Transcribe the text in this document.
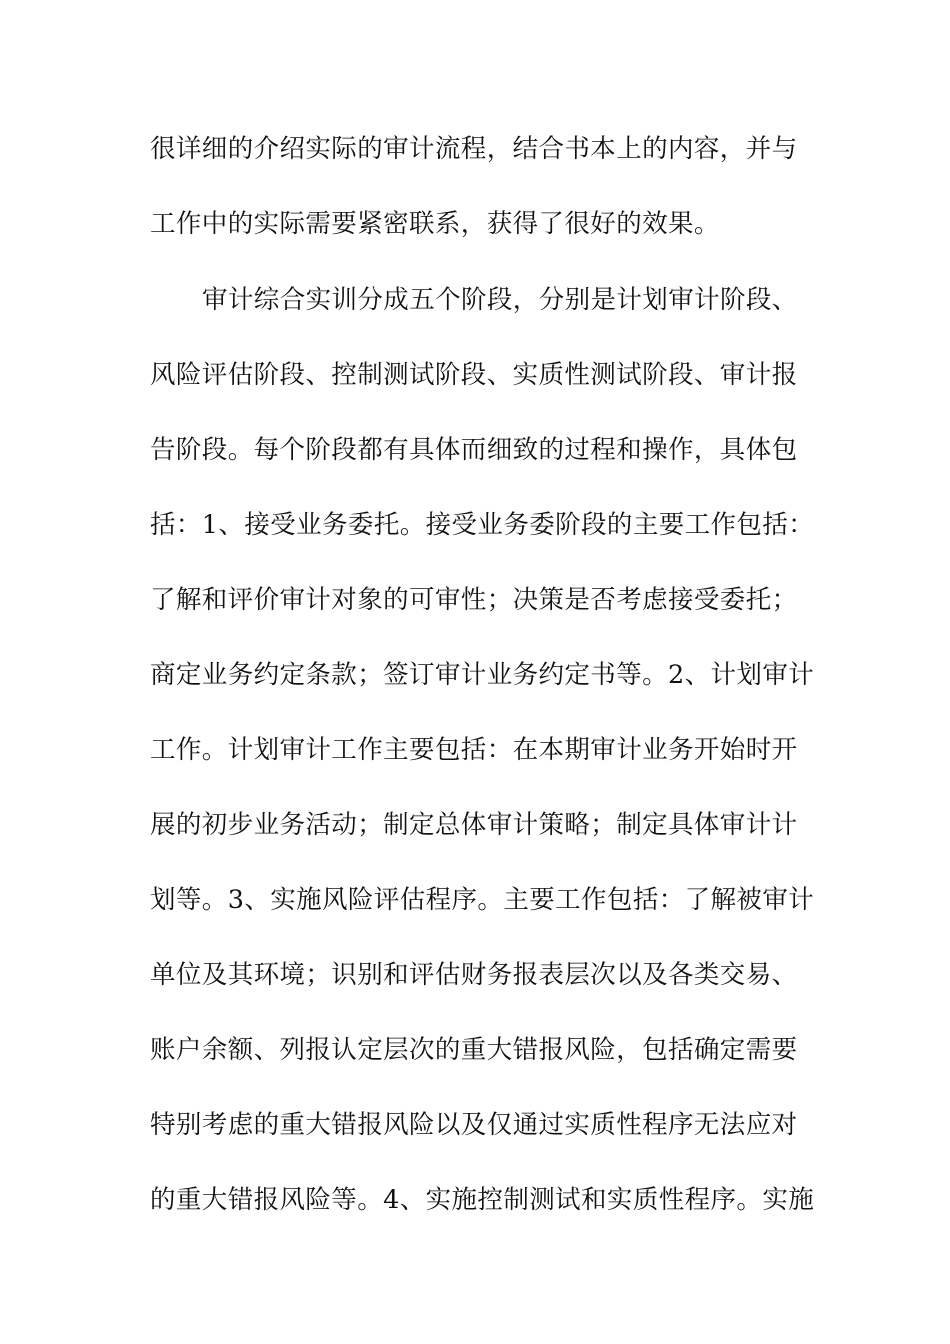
很详细的介绍实际的审计流程，结合书本上的内容，并与
工作中的实际需要紧密联系，获得了很好的效果。
审计综合实训分成五个阶段，分别是计划审计阶段、
风险评估阶段、控制测试阶段、实质性测试阶段、审计报
告阶段。每个阶段都有具体而细致的过程和操作，具体包
括：1、接受业务委托。接受业务委阶段的主要工作包括：
了解和评价审计对象的可审性；决策是否考虑接受委托；
商定业务约定条款；签订审计业务约定书等。2、计划审计
工作。计划审计工作主要包括：在本期审计业务开始时开
展的初步业务活动；制定总体审计策略；制定具体审计计
划等。3、实施风险评估程序。主要工作包括：了解被审计
单位及其环境；识别和评估财务报表层次以及各类交易、
账户余额、列报认定层次的重大错报风险，包括确定需要
特别考虑的重大错报风险以及仅通过实质性程序无法应对
的重大错报风险等。4、实施控制测试和实质性程序。实施
